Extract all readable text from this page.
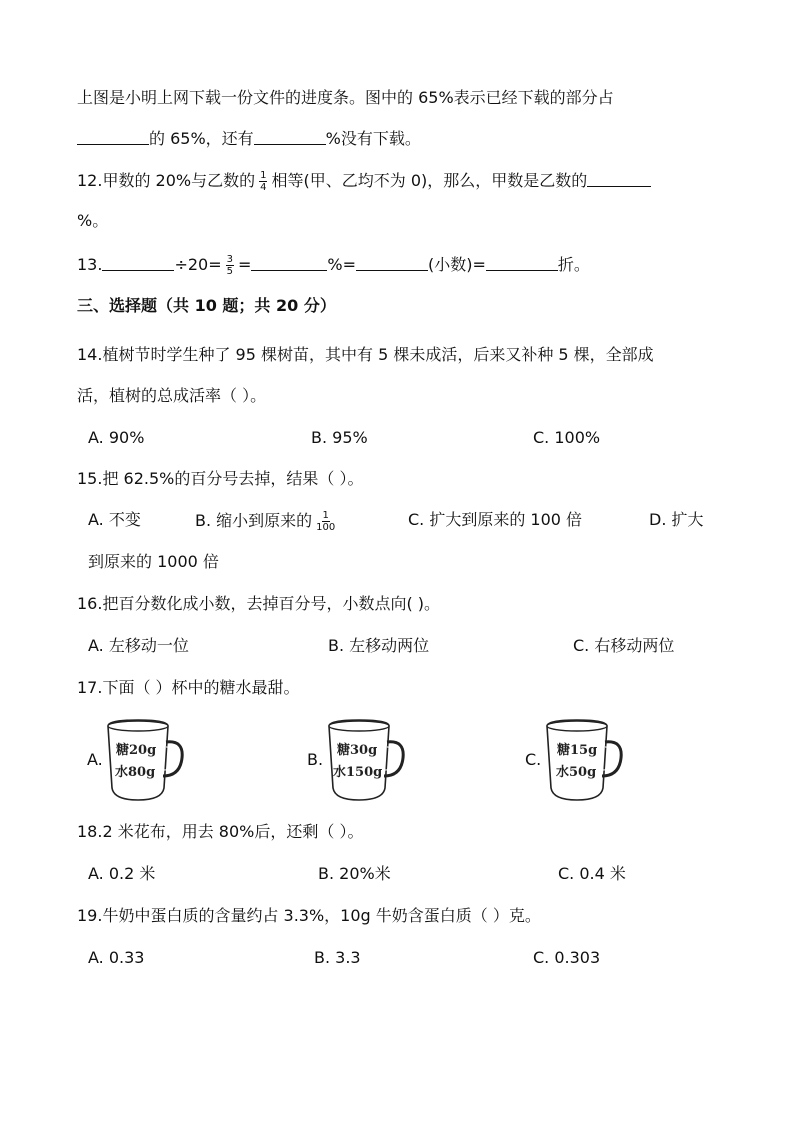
上图是小明上网下载一份文件的进度条。图中的 65%表示已经下载的部分占
的 65%，还有	%没有下载。
12.甲数的 20%与乙数的 $\frac{1}{4}$ 相等(甲、乙均不为 0)，那么，甲数是乙数的
%。
13.	$\div 20= \frac{3}{5}$ =	%=	(小数)=	折。
三、选择题（共 10 题；共 20 分）
14.植树节时学生种了 95 棵树苗，其中有 5 棵未成活，后来又补种 5 棵，全部成
活，植树的总成活率（ ）。
A. 90%	B. 95%	C. 100%
15.把 62.5%的百分号去掉，结果（ ）。
A. 不变	B. 缩小到原来的 $\frac{1}{100}$	C. 扩大到原来的 100 倍	D. 扩大
到原来的 1000 倍
16.把百分数化成小数，去掉百分号，小数点向( )。
A. 左移动一位	B. 左移动两位	C. 右移动两位
17.下面（ ）杯中的糖水最甜。
A. 糖20g
水80g
B. 糖30g
水150g
C. 糖15g
水50g
18.2 米花布，用去 80%后，还剩（ ）。
A. 0.2 米	B. 20%米	C. 0.4 米
19.牛奶中蛋白质的含量约占 3.3%，10g 牛奶含蛋白质（ ）克。
A. 0.33	B. 3.3	C. 0.303
